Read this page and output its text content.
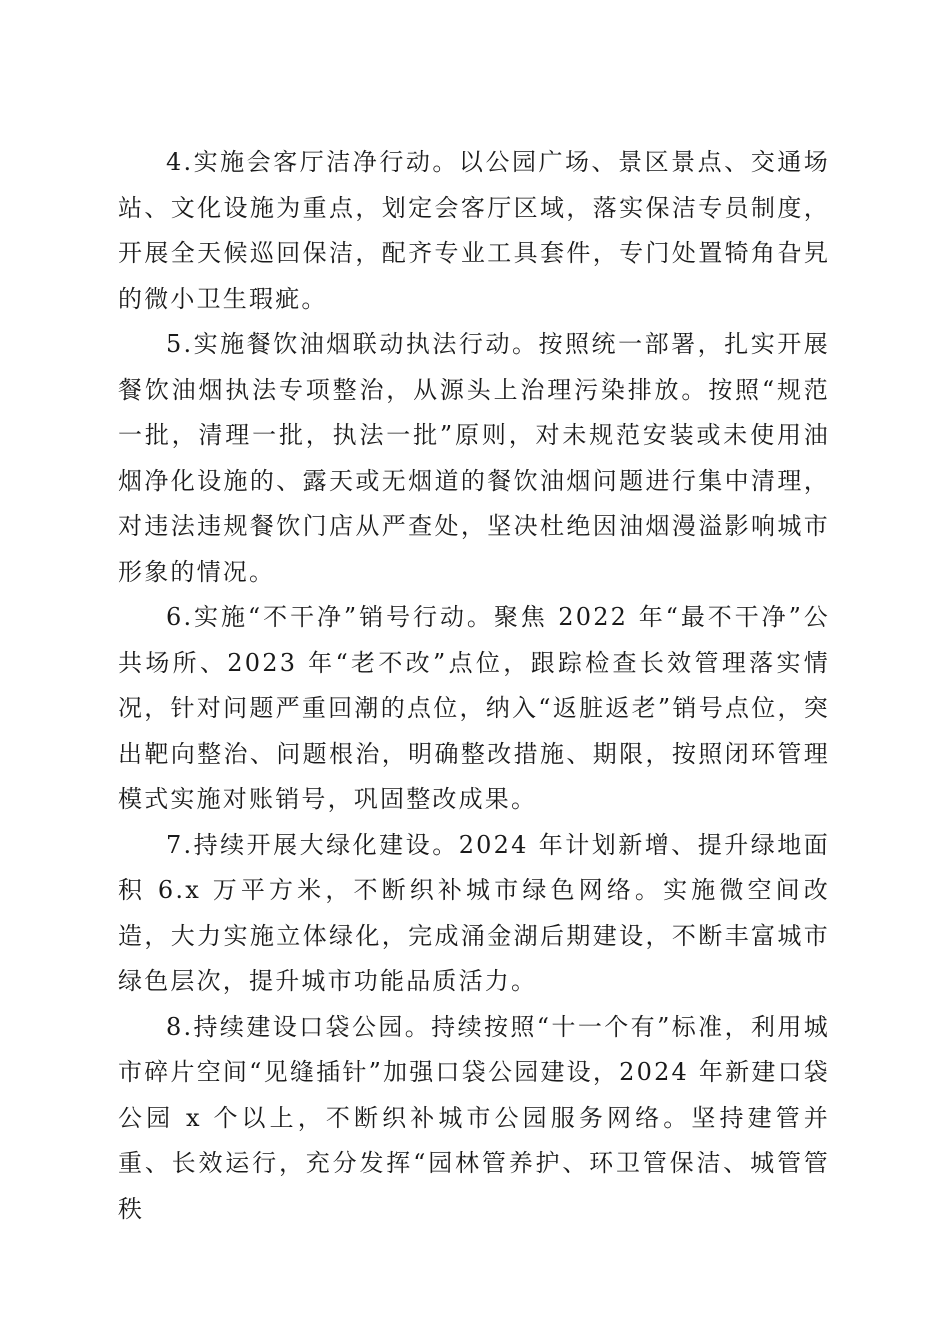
4.实施会客厅洁净行动。以公园广场、景区景点、交通场站、文化设施为重点，划定会客厅区域，落实保洁专员制度，开展全天候巡回保洁，配齐专业工具套件，专门处置犄角旮旯的微小卫生瑕疵。

5.实施餐饮油烟联动执法行动。按照统一部署，扎实开展餐饮油烟执法专项整治，从源头上治理污染排放。按照“规范一批，清理一批，执法一批”原则，对未规范安装或未使用油烟净化设施的、露天或无烟道的餐饮油烟问题进行集中清理，对违法违规餐饮门店从严查处，坚决杜绝因油烟漫溢影响城市形象的情况。

6.实施“不干净”销号行动。聚焦 2022 年“最不干净”公共场所、2023 年“老不改”点位，跟踪检查长效管理落实情况，针对问题严重回潮的点位，纳入“返脏返老”销号点位，突出靶向整治、问题根治，明确整改措施、期限，按照闭环管理模式实施对账销号，巩固整改成果。

7.持续开展大绿化建设。2024 年计划新增、提升绿地面积 6.x 万平方米，不断织补城市绿色网络。实施微空间改造，大力实施立体绿化，完成涌金湖后期建设，不断丰富城市绿色层次，提升城市功能品质活力。

8.持续建设口袋公园。持续按照“十一个有”标准，利用城市碎片空间“见缝插针”加强口袋公园建设，2024 年新建口袋公园 x 个以上，不断织补城市公园服务网络。坚持建管并重、长效运行，充分发挥“园林管养护、环卫管保洁、城管管秩
